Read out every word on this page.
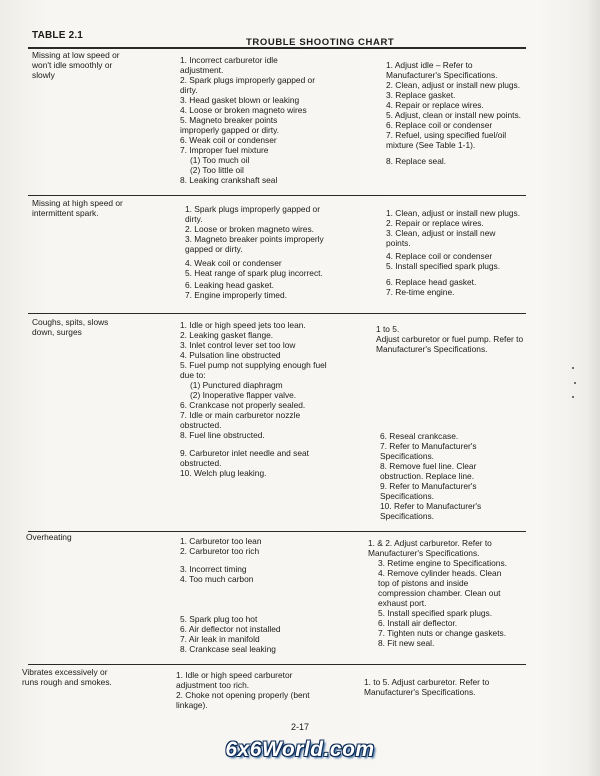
TABLE 2.1
TROUBLE SHOOTING CHART
Missing at low speed or won't idle smoothly or slowly
1. Incorrect carburetor idle adjustment.
2. Spark plugs improperly gapped or dirty.
3. Head gasket blown or leaking
4. Loose or broken magneto wires
5. Magneto breaker points improperly gapped or dirty.
6. Weak coil or condenser
7. Improper fuel mixture
(1) Too much oil
(2) Too little oil
8. Leaking crankshaft seal
1. Adjust idle – Refer to Manufacturer's Specifications.
2. Clean, adjust or install new plugs.
3. Replace gasket.
4. Repair or replace wires.
5. Adjust, clean or install new points.
6. Replace coil or condenser
7. Refuel, using specified fuel/oil mixture (See Table 1-1).
8. Replace seal.
Missing at high speed or intermittent spark.	1. Spark plugs improperly gapped or dirty.
2. Loose or broken magneto wires.
3. Magneto breaker points improperly gapped or dirty.
4. Weak coil or condenser
5. Heat range of spark plug incorrect.
6. Leaking head gasket.
7. Engine improperly timed.
1. Clean, adjust or install new plugs.
2. Repair or replace wires.
3. Clean, adjust or install new points.
4. Replace coil or condenser
5. Install specified spark plugs.
6. Replace head gasket.
7. Re-time engine.
Coughs, spits, slows down, surges
1. Idle or high speed jets too lean.
2. Leaking gasket flange.
3. Inlet control lever set too low
4. Pulsation line obstructed
5. Fuel pump not supplying enough fuel due to:
(1) Punctured diaphragm
(2) Inoperative flapper valve.
6. Crankcase not properly sealed.
7. Idle or main carburetor nozzle obstructed.
8. Fuel line obstructed.
9. Carburetor inlet needle and seat obstructed.
10. Welch plug leaking.
1 to 5.
Adjust carburetor or fuel pump. Refer to Manufacturer's Specifications.
6. Reseal crankcase.
7. Refer to Manufacturer's Specifications.
8. Remove fuel line. Clear obstruction. Replace line.
9. Refer to Manufacturer's Specifications.
10. Refer to Manufacturer's Specifications.
Overheating	1. Carburetor too lean
2. Carburetor too rich
3. Incorrect timing
4. Too much carbon
5. Spark plug too hot
6. Air deflector not installed
7. Air leak in manifold
8. Crankcase seal leaking
1. & 2. Adjust carburetor. Refer to Manufacturer's Specifications.
3. Retime engine to Specifications.
4. Remove cylinder heads. Clean top of pistons and inside compression chamber. Clean out exhaust port.
5. Install specified spark plugs.
6. Install air deflector.
7. Tighten nuts or change gaskets.
8. Fit new seal.
Vibrates excessively or runs rough and smokes.
1. Idle or high speed carburetor adjustment too rich.
2. Choke not opening properly (bent linkage).
1. to 5. Adjust carburetor. Refer to Manufacturer's Specifications.
2-17
6x6World.com
